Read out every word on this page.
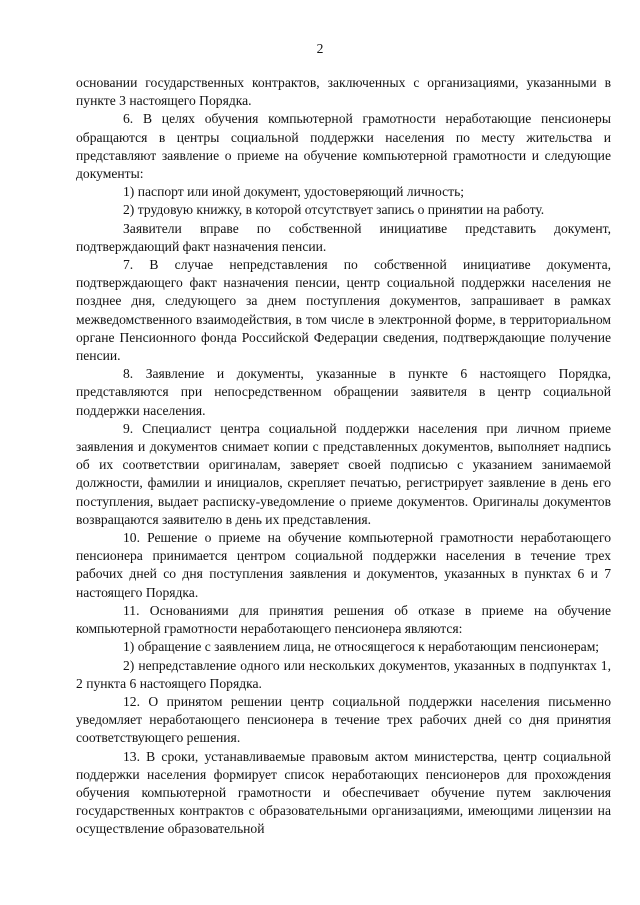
2

основании государственных контрактов, заключенных с организациями, указанными в пункте 3 настоящего Порядка.

6. В целях обучения компьютерной грамотности неработающие пенсионеры обращаются в центры социальной поддержки населения по месту жительства и представляют заявление о приеме на обучение компьютерной грамотности и следующие документы:

1) паспорт или иной документ, удостоверяющий личность;

2) трудовую книжку, в которой отсутствует запись о принятии на работу.

Заявители вправе по собственной инициативе представить документ, подтверждающий факт назначения пенсии.

7. В случае непредставления по собственной инициативе документа, подтверждающего факт назначения пенсии, центр социальной поддержки населения не позднее дня, следующего за днем поступления документов, запрашивает в рамках межведомственного взаимодействия, в том числе в электронной форме, в территориальном органе Пенсионного фонда Российской Федерации сведения, подтверждающие получение пенсии.

8. Заявление и документы, указанные в пункте 6 настоящего Порядка, представляются при непосредственном обращении заявителя в центр социальной поддержки населения.

9. Специалист центра социальной поддержки населения при личном приеме заявления и документов снимает копии с представленных документов, выполняет надпись об их соответствии оригиналам, заверяет своей подписью с указанием занимаемой должности, фамилии и инициалов, скрепляет печатью, регистрирует заявление в день его поступления, выдает расписку-уведомление о приеме документов. Оригиналы документов возвращаются заявителю в день их представления.

10. Решение о приеме на обучение компьютерной грамотности неработающего пенсионера принимается центром социальной поддержки населения в течение трех рабочих дней со дня поступления заявления и документов, указанных в пунктах 6 и 7 настоящего Порядка.

11. Основаниями для принятия решения об отказе в приеме на обучение компьютерной грамотности неработающего пенсионера являются:

1) обращение с заявлением лица, не относящегося к неработающим пенсионерам;

2) непредставление одного или нескольких документов, указанных в подпунктах 1, 2 пункта 6 настоящего Порядка.

12. О принятом решении центр социальной поддержки населения письменно уведомляет неработающего пенсионера в течение трех рабочих дней со дня принятия соответствующего решения.

13. В сроки, устанавливаемые правовым актом министерства, центр социальной поддержки населения формирует список неработающих пенсионеров для прохождения обучения компьютерной грамотности и обеспечивает обучение путем заключения государственных контрактов с образовательными организациями, имеющими лицензии на осуществление образовательной
